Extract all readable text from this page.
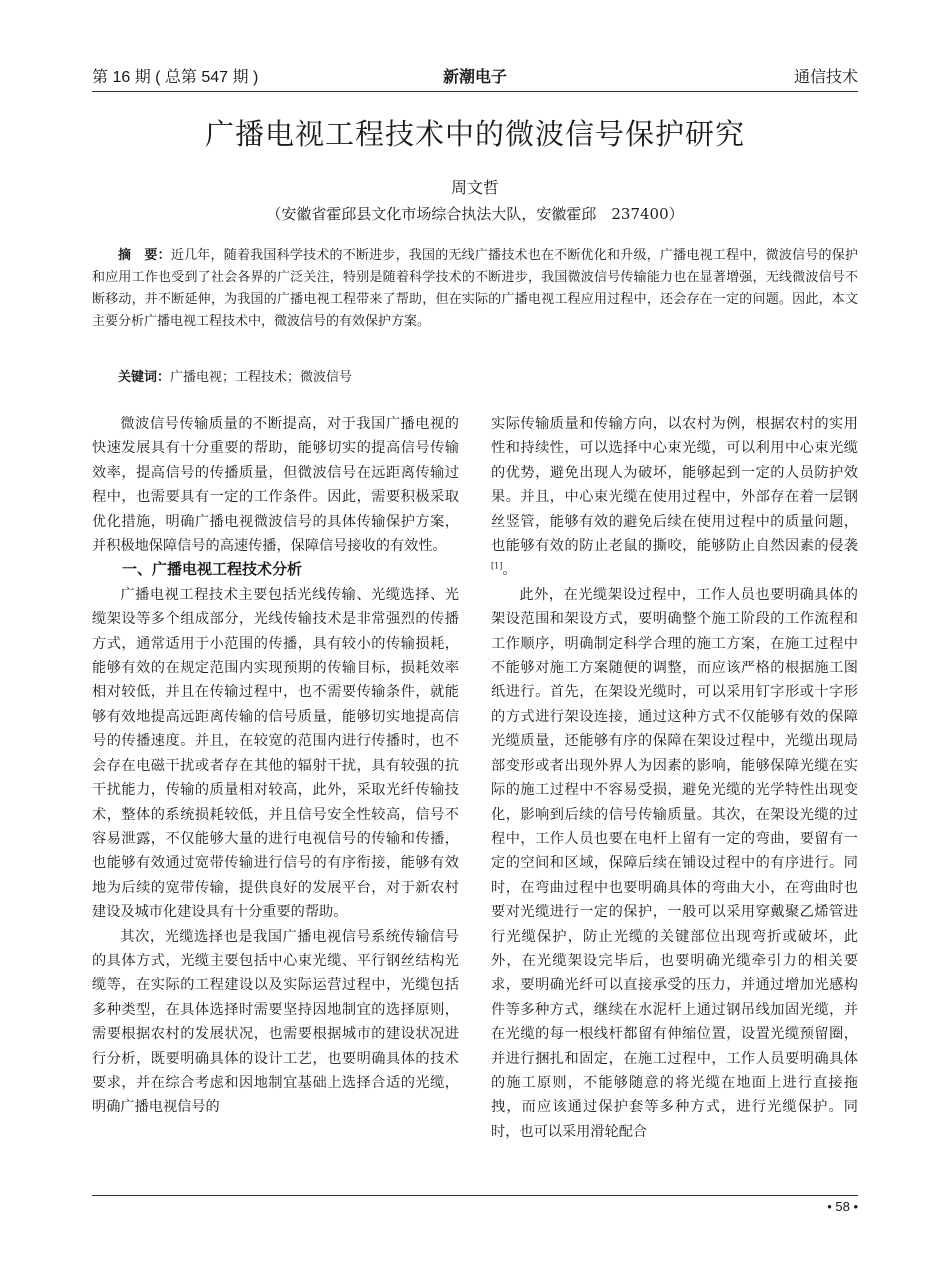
第 16 期 ( 总第 547 期 )	新潮电子	通信技术
广播电视工程技术中的微波信号保护研究
周文哲
（安徽省霍邱县文化市场综合执法大队，安徽霍邱　237400）

摘　要：近几年，随着我国科学技术的不断进步，我国的无线广播技术也在不断优化和升级，广播电视工程中，微波信号的保护和应用工作也受到了社会各界的广泛关注，特别是随着科学技术的不断进步，我国微波信号传输能力也在显著增强，无线微波信号不断移动，并不断延伸，为我国的广播电视工程带来了帮助，但在实际的广播电视工程应用过程中，还会存在一定的问题。因此，本文主要分析广播电视工程技术中，微波信号的有效保护方案。

关键词：广播电视；工程技术；微波信号

微波信号传输质量的不断提高，对于我国广播电视的快速发展具有十分重要的帮助，能够切实的提高信号传输效率，提高信号的传播质量，但微波信号在远距离传输过程中，也需要具有一定的工作条件。因此，需要积极采取优化措施，明确广播电视微波信号的具体传输保护方案，并积极地保障信号的高速传播，保障信号接收的有效性。

一、广播电视工程技术分析

广播电视工程技术主要包括光线传输、光缆选择、光缆架设等多个组成部分，光线传输技术是非常强烈的传播方式，通常适用于小范围的传播，具有较小的传输损耗，能够有效的在规定范围内实现预期的传输目标，损耗效率相对较低，并且在传输过程中，也不需要传输条件，就能够有效地提高远距离传输的信号质量，能够切实地提高信号的传播速度。并且，在较宽的范围内进行传播时，也不会存在电磁干扰或者存在其他的辐射干扰，具有较强的抗干扰能力，传输的质量相对较高，此外，采取光纤传输技术，整体的系统损耗较低，并且信号安全性较高，信号不容易泄露，不仅能够大量的进行电视信号的传输和传播，也能够有效通过宽带传输进行信号的有序衔接，能够有效地为后续的宽带传输，提供良好的发展平台，对于新农村建设及城市化建设具有十分重要的帮助。

其次，光缆选择也是我国广播电视信号系统传输信号的具体方式，光缆主要包括中心束光缆、平行钢丝结构光缆等，在实际的工程建设以及实际运营过程中，光缆包括多种类型，在具体选择时需要坚持因地制宜的选择原则，需要根据农村的发展状况，也需要根据城市的建设状况进行分析，既要明确具体的设计工艺，也要明确具体的技术要求，并在综合考虑和因地制宜基础上选择合适的光缆，明确广播电视信号的

实际传输质量和传输方向，以农村为例，根据农村的实用性和持续性，可以选择中心束光缆，可以利用中心束光缆的优势，避免出现人为破坏，能够起到一定的人员防护效果。并且，中心束光缆在使用过程中，外部存在着一层钢丝竖管，能够有效的避免后续在使用过程中的质量问题，也能够有效的防止老鼠的撕咬，能够防止自然因素的侵袭[1]。

此外，在光缆架设过程中，工作人员也要明确具体的架设范围和架设方式，要明确整个施工阶段的工作流程和工作顺序，明确制定科学合理的施工方案，在施工过程中不能够对施工方案随便的调整，而应该严格的根据施工图纸进行。首先，在架设光缆时，可以采用钉字形或十字形的方式进行架设连接，通过这种方式不仅能够有效的保障光缆质量，还能够有序的保障在架设过程中，光缆出现局部变形或者出现外界人为因素的影响，能够保障光缆在实际的施工过程中不容易受损，避免光缆的光学特性出现变化，影响到后续的信号传输质量。其次，在架设光缆的过程中，工作人员也要在电杆上留有一定的弯曲，要留有一定的空间和区域，保障后续在铺设过程中的有序进行。同时，在弯曲过程中也要明确具体的弯曲大小，在弯曲时也要对光缆进行一定的保护，一般可以采用穿戴聚乙烯管进行光缆保护，防止光缆的关键部位出现弯折或破坏，此外，在光缆架设完毕后，也要明确光缆牵引力的相关要求，要明确光纤可以直接承受的压力，并通过增加光感构件等多种方式，继续在水泥杆上通过钢吊线加固光缆，并在光缆的每一根线杆都留有伸缩位置，设置光缆预留圈，并进行捆扎和固定，在施工过程中，工作人员要明确具体的施工原则，不能够随意的将光缆在地面上进行直接拖拽，而应该通过保护套等多种方式，进行光缆保护。同时，也可以采用滑轮配合

• 58 •
